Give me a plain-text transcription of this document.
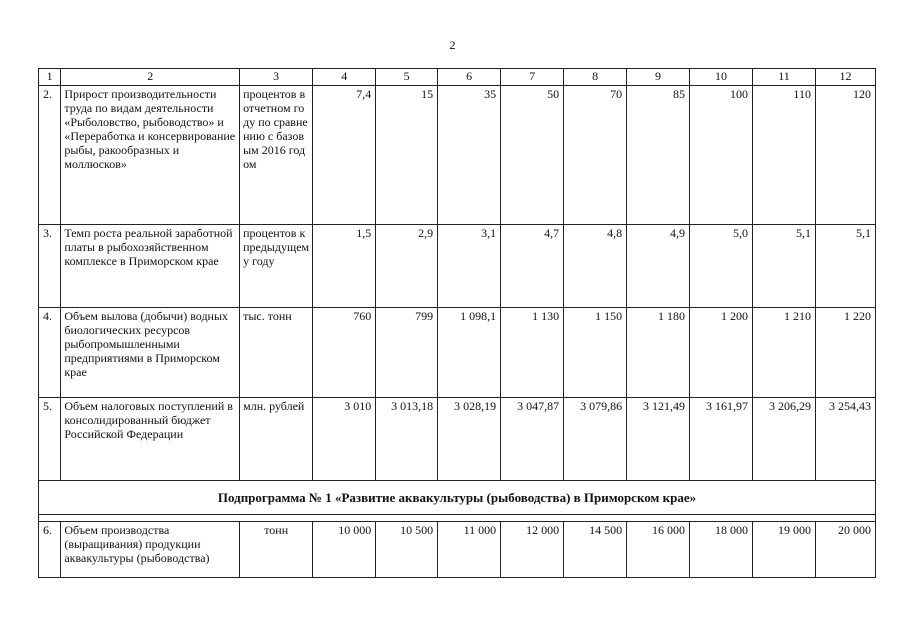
2
1	2	3	4	5	6	7	8	9	10	11	12
2.	Прирост производительности труда по видам деятельности «Рыболовство, рыбоводство» и «Переработка и консервирование рыбы, ракообразных и моллюсков»	процентов в отчетном году по сравнению с базовым 2016 годом	7,4	15	35	50	70	85	100	110	120
3.	Темп роста реальной заработной платы в рыбохозяйственном комплексе в Приморском крае	процентов к предыдущему году	1,5	2,9	3,1	4,7	4,8	4,9	5,0	5,1	5,1
4.	Объем вылова (добычи) водных биологических ресурсов рыбопромышленными предприятиями в Приморском крае	тыс. тонн	760	799	1 098,1	1 130	1 150	1 180	1 200	1 210	1 220
5.	Объем налоговых поступлений в консолидированный бюджет Российской Федерации	млн. рублей	3 010	3 013,18	3 028,19	3 047,87	3 079,86	3 121,49	3 161,97	3 206,29	3 254,43
Подпрограмма № 1 «Развитие аквакультуры (рыбоводства) в Приморском крае»											

6.	Объем производства (выращивания) продукции аквакультуры (рыбоводства)	тонн	10 000	10 500	11 000	12 000	14 500	16 000	18 000	19 000	20 000
